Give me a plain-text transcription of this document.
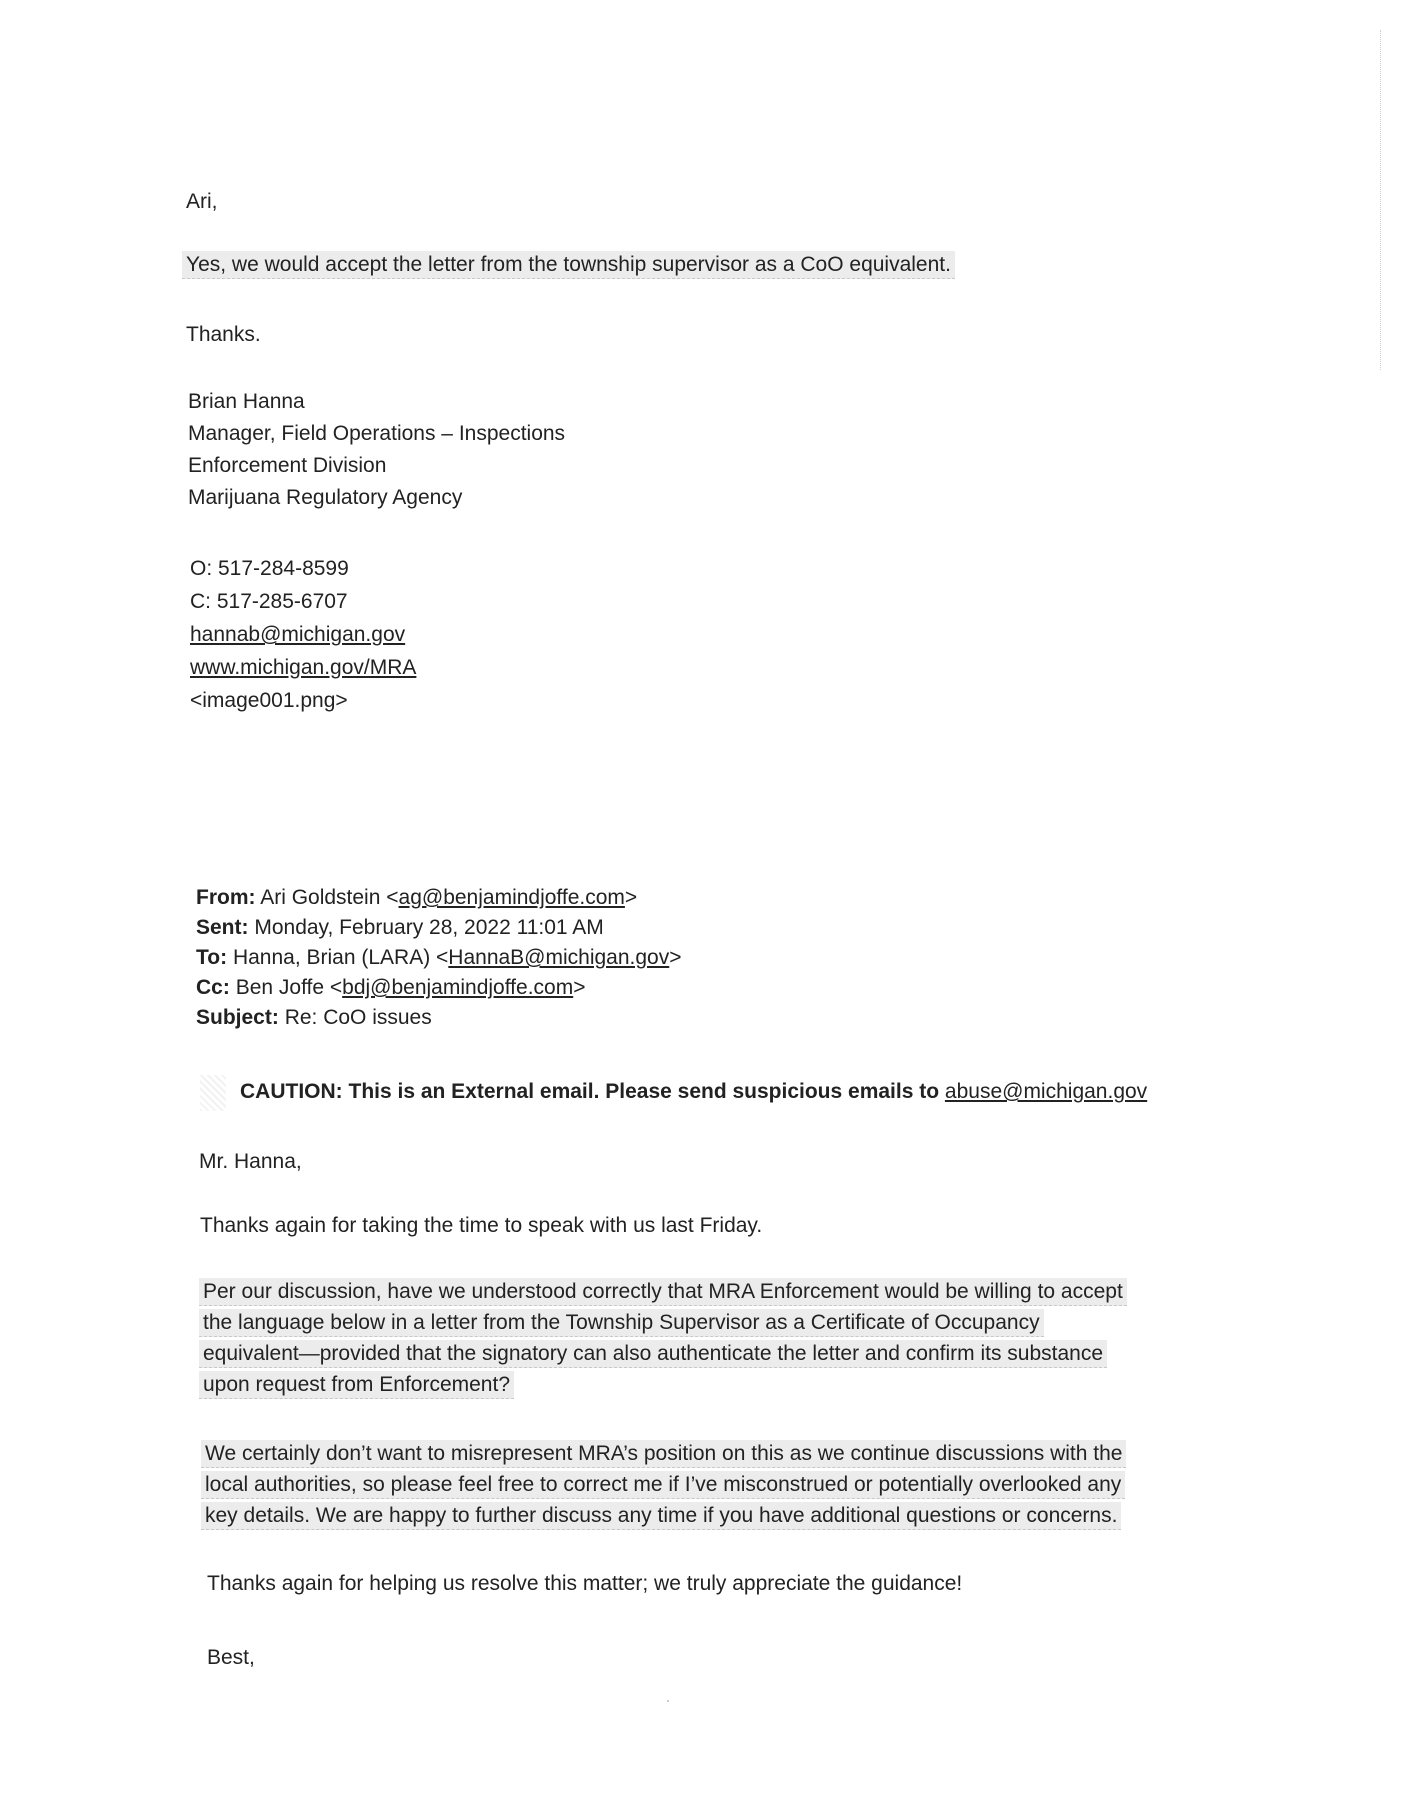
Ari,
Yes, we would accept the letter from the township supervisor as a CoO equivalent.
Thanks.
Brian Hanna
Manager, Field Operations – Inspections
Enforcement Division
Marijuana Regulatory Agency
O: 517-284-8599
C: 517-285-6707
hannab@michigan.gov
www.michigan.gov/MRA
<image001.png>
From: Ari Goldstein <ag@benjamindjoffe.com>
Sent: Monday, February 28, 2022 11:01 AM
To: Hanna, Brian (LARA) <HannaB@michigan.gov>
Cc: Ben Joffe <bdj@benjamindjoffe.com>
Subject: Re: CoO issues
CAUTION: This is an External email. Please send suspicious emails to abuse@michigan.gov
Mr. Hanna,
Thanks again for taking the time to speak with us last Friday.
Per our discussion, have we understood correctly that MRA Enforcement would be willing to accept
the language below in a letter from the Township Supervisor as a Certificate of Occupancy
equivalent—provided that the signatory can also authenticate the letter and confirm its substance
upon request from Enforcement?
We certainly don’t want to misrepresent MRA’s position on this as we continue discussions with the
local authorities, so please feel free to correct me if I’ve misconstrued or potentially overlooked any
key details. We are happy to further discuss any time if you have additional questions or concerns.
Thanks again for helping us resolve this matter; we truly appreciate the guidance!
Best,
